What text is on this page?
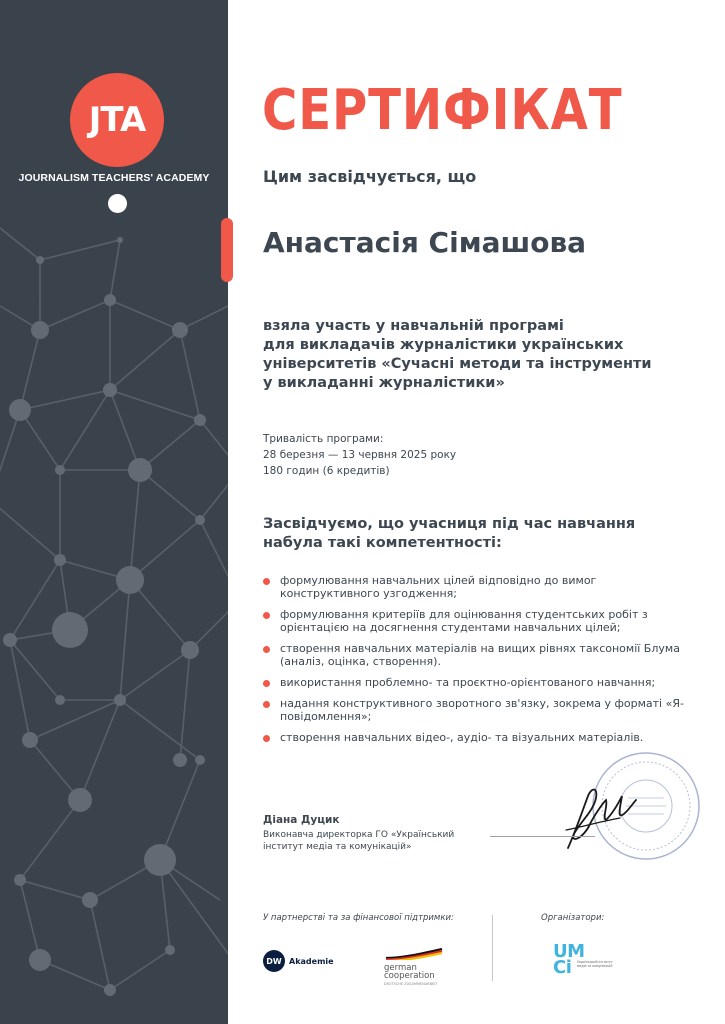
JTA
JOURNALISM TEACHERS' ACADEMY
СЕРТИФІКАТ
Цим засвідчується, що
Анастасія Сімашова
взяла участь у навчальній програмі
для викладачів журналістики українських
університетів «Сучасні методи та інструменти
у викладанні журналістики»
Тривалість програми:
28 березня — 13 червня 2025 року
180 годин (6 кредитів)
Засвідчуємо, що учасниця під час навчання
набула такі компетентності:
формулювання навчальних цілей відповідно до вимог конструктивного узгодження;
формулювання критеріїв для оцінювання студентських робіт з орієнтацією на досягнення студентами навчальних цілей;
створення навчальних матеріалів на вищих рівнях таксономії Блума (аналіз, оцінка, створення).
використання проблемно- та проєктно-орієнтованого навчання;
надання конструктивного зворотного зв'язку, зокрема у форматі «Я-повідомлення»;
створення навчальних відео-, аудіо- та візуальних матеріалів.
Діана Дуцик
Виконавча директорка ГО «Український інститут медіа та комунікацій»
У партнерстві та за фінансової підтримки:	Організатори:
DW Akademie
german
cooperation
DEUTSCHE ZUSAMMENARBEIT
UM
Ci	Український інститут медіа та комунікацій
